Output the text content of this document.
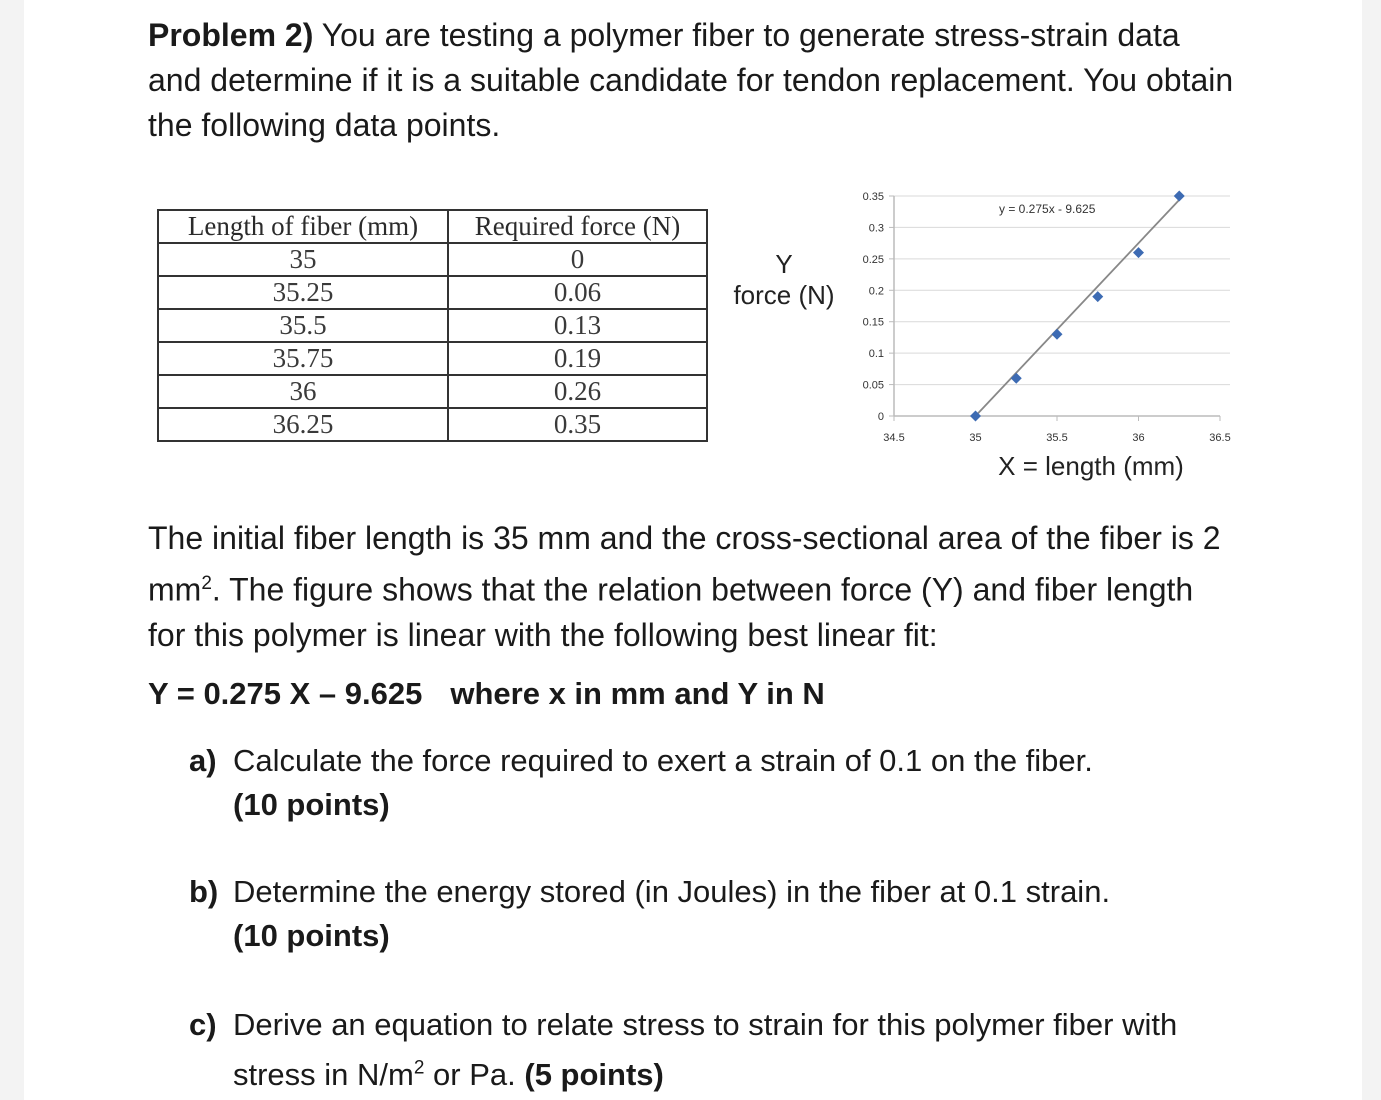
Problem 2) You are testing a polymer fiber to generate stress-strain data
and determine if it is a suitable candidate for tendon replacement. You obtain
the following data points.
Length of fiber (mm)	Required force (N)
35	0
35.25	0.06
35.5	0.13
35.75	0.19
36	0.26
36.25	0.35
Y
force (N)
0
0.05
0.1
0.15
0.2
0.25
0.3
0.35
34.5	35	35.5	36	36.5
y = 0.275x - 9.625
X = length (mm)
The initial fiber length is 35 mm and the cross-sectional area of the fiber is 2
$mm^2$. The figure shows that the relation between force (Y) and fiber length
for this polymer is linear with the following best linear fit:
Y = 0.275 X – 9.625 where x in mm and Y in N
a) Calculate the force required to exert a strain of 0.1 on the fiber.
(10 points)
b) Determine the energy stored (in Joules) in the fiber at 0.1 strain.
(10 points)
c) Derive an equation to relate stress to strain for this polymer fiber with
stress in $N/m^2$ or Pa. (5 points)
